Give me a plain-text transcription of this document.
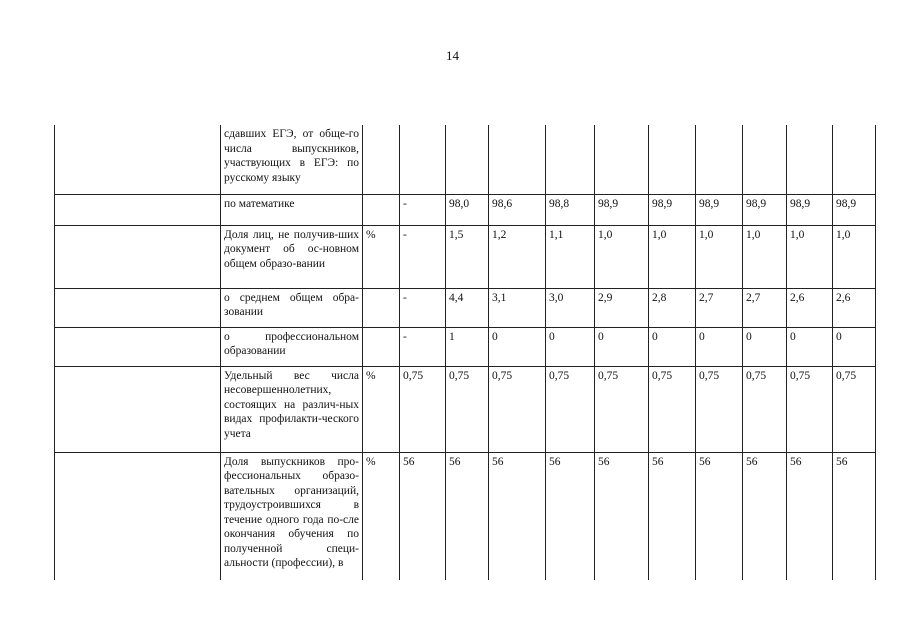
14
	сдавших ЕГЭ, от обще-го числа выпускников, участвующих в ЕГЭ: по русскому языку											
	по математике		-	98,0	98,6	98,8	98,9	98,9	98,9	98,9	98,9	98,9
	Доля лиц, не получив-ших документ об ос-новном общем образо-вании	%	-	1,5	1,2	1,1	1,0	1,0	1,0	1,0	1,0	1,0
	о среднем общем обра-зовании		-	4,4	3,1	3,0	2,9	2,8	2,7	2,7	2,6	2,6
	о профессиональном образовании		-	1	0	0	0	0	0	0	0	0
	Удельный вес числа несовершеннолетних, состоящих на различ-ных видах профилакти-ческого учета	%	0,75	0,75	0,75	0,75	0,75	0,75	0,75	0,75	0,75	0,75
	Доля выпускников про-фессиональных образо-вательных организаций, трудоустроившихся в течение одного года по-сле окончания обучения по полученной специ-альности (профессии), в	%	56	56	56	56	56	56	56	56	56	56
